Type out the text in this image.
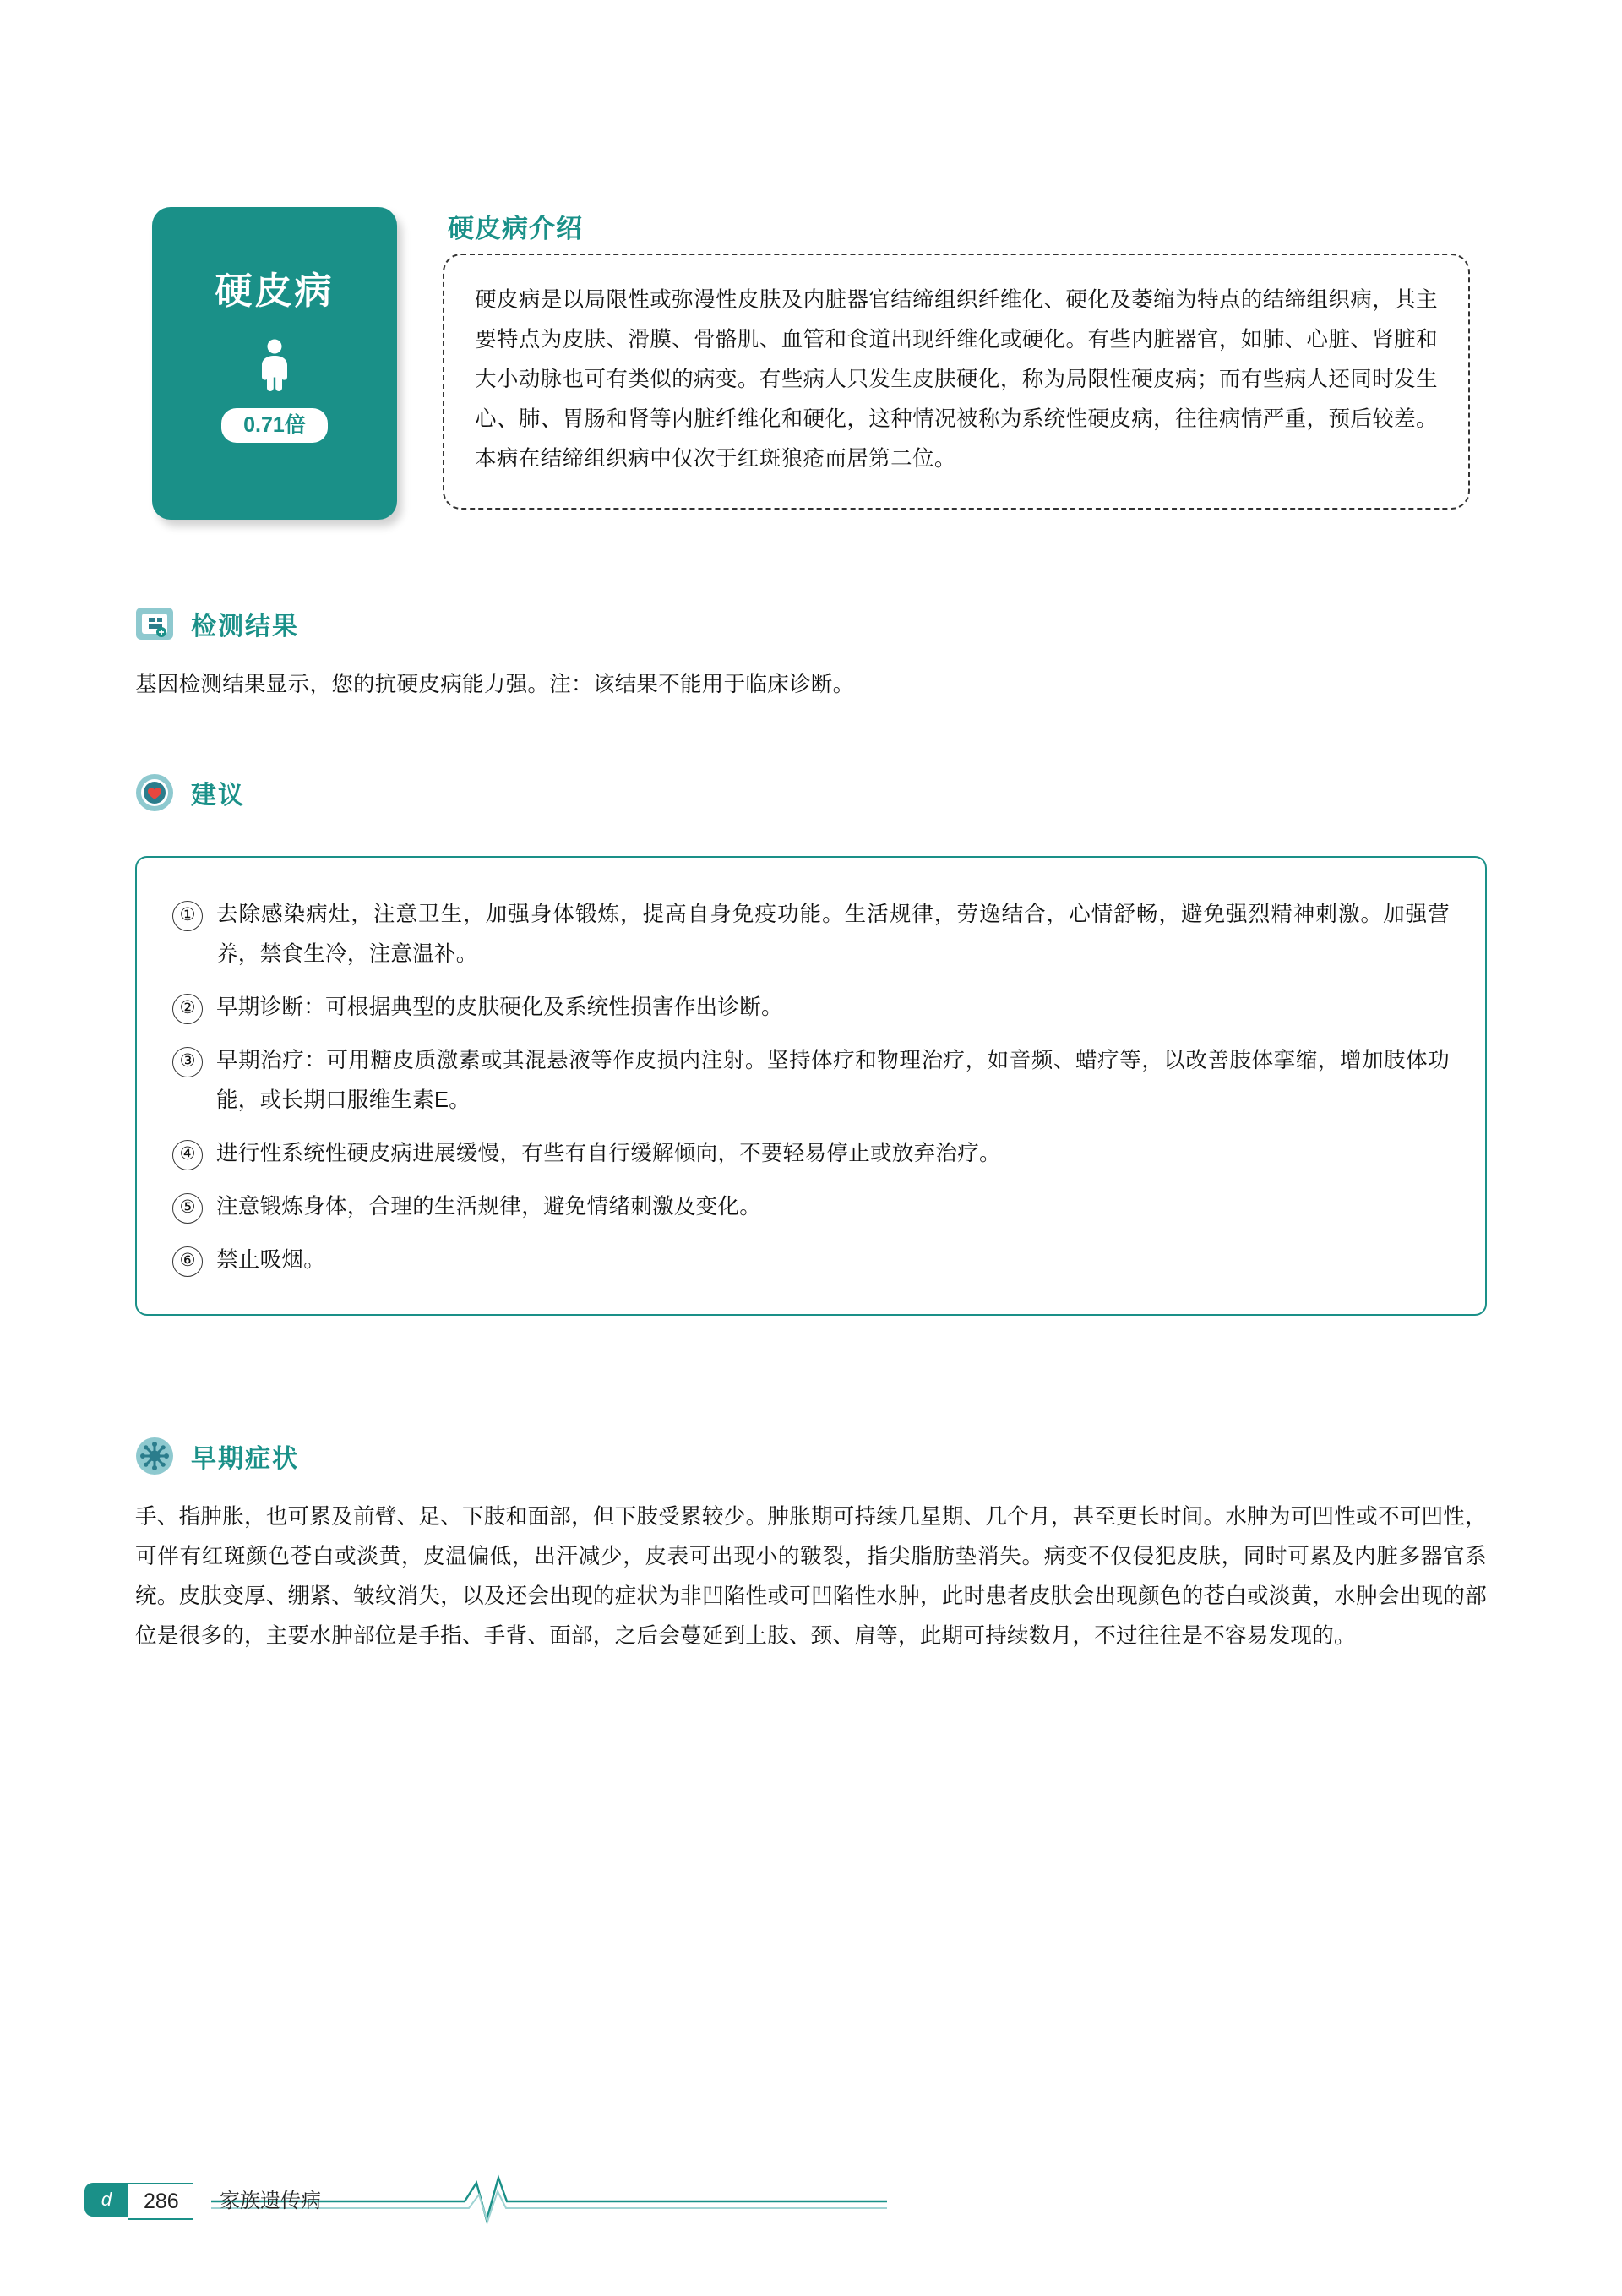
硬皮病
0.71倍
硬皮病介绍
硬皮病是以局限性或弥漫性皮肤及内脏器官结缔组织纤维化、硬化及萎缩为特点的结缔组织病，其主要特点为皮肤、滑膜、骨骼肌、血管和食道出现纤维化或硬化。有些内脏器官，如肺、心脏、肾脏和大小动脉也可有类似的病变。有些病人只发生皮肤硬化，称为局限性硬皮病；而有些病人还同时发生心、肺、胃肠和肾等内脏纤维化和硬化，这种情况被称为系统性硬皮病，往往病情严重，预后较差。本病在结缔组织病中仅次于红斑狼疮而居第二位。
检测结果
基因检测结果显示，您的抗硬皮病能力强。注：该结果不能用于临床诊断。
建议
① 去除感染病灶，注意卫生，加强身体锻炼，提高自身免疫功能。生活规律，劳逸结合，心情舒畅，避免强烈精神刺激。加强营养，禁食生冷，注意温补。
② 早期诊断：可根据典型的皮肤硬化及系统性损害作出诊断。
③ 早期治疗：可用糖皮质激素或其混悬液等作皮损内注射。坚持体疗和物理治疗，如音频、蜡疗等，以改善肢体挛缩，增加肢体功能，或长期口服维生素E。
④ 进行性系统性硬皮病进展缓慢，有些有自行缓解倾向，不要轻易停止或放弃治疗。
⑤ 注意锻炼身体，合理的生活规律，避免情绪刺激及变化。
⑥ 禁止吸烟。
早期症状
手、指肿胀，也可累及前臂、足、下肢和面部，但下肢受累较少。肿胀期可持续几星期、几个月，甚至更长时间。水肿为可凹性或不可凹性，可伴有红斑颜色苍白或淡黄，皮温偏低，出汗减少，皮表可出现小的皲裂，指尖脂肪垫消失。病变不仅侵犯皮肤，同时可累及内脏多器官系统。皮肤变厚、绷紧、皱纹消失，以及还会出现的症状为非凹陷性或可凹陷性水肿，此时患者皮肤会出现颜色的苍白或淡黄，水肿会出现的部位是很多的，主要水肿部位是手指、手背、面部，之后会蔓延到上肢、颈、肩等，此期可持续数月，不过往往是不容易发现的。
d	286	家族遗传病
